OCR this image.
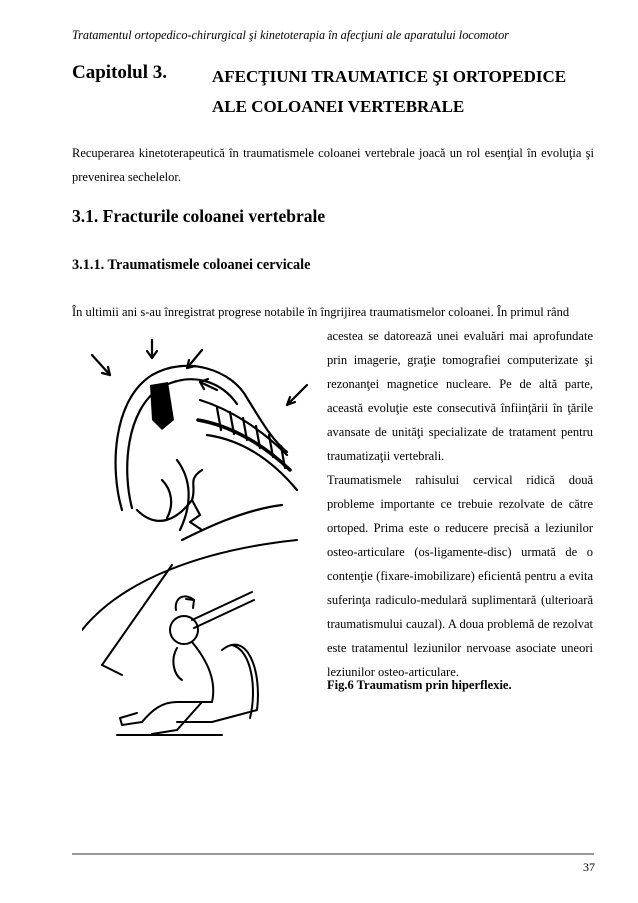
Tratamentul ortopedico-chirurgical şi kinetoterapia în afecţiuni ale aparatului locomotor
Capitolul 3.	AFECŢIUNI TRAUMATICE ŞI ORTOPEDICE
ALE COLOANEI VERTEBRALE
Recuperarea kinetoterapeutică în traumatismele coloanei vertebrale joacă un rol esenţial în evoluţia şi prevenirea sechelelor.
3.1. Fracturile coloanei vertebrale
3.1.1. Traumatismele coloanei cervicale
În ultimii ani s-au înregistrat progrese notabile în îngrijirea traumatismelor coloanei. În primul rând

acestea se datorează unei evaluări mai aprofundate prin imagerie, graţie tomografiei computerizate şi rezonanţei magnetice nucleare. Pe de altă parte, această evoluţie este consecutivă înfiinţării în ţările avansate de unităţi specializate de tratament pentru traumatizaţii vertebrali.

Traumatismele rahisului cervical ridică două probleme importante ce trebuie rezolvate de către ortoped. Prima este o reducere precisă a leziunilor osteo-articulare (os-ligamente-disc) urmată de o contenţie (fixare-imobilizare) eficientă pentru a evita suferinţa radiculo-medulară suplimentară (ulterioară traumatismului cauzal). A doua problemă de rezolvat este tratamentul leziunilor nervoase asociate uneori leziunilor osteo-articulare.

Fig.6 Traumatism prin hiperflexie.
37
